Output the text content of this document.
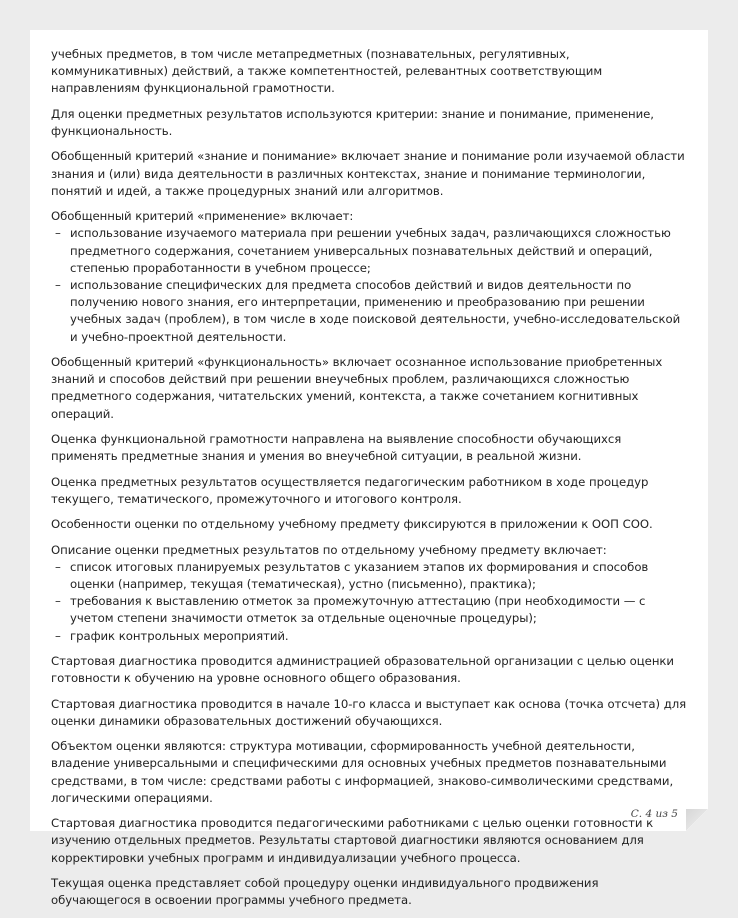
учебных предметов, в том числе метапредметных (познавательных, регулятивных, коммуникативных) действий, а также компетентностей, релевантных соответствующим направлениям функциональной грамотности.

Для оценки предметных результатов используются критерии: знание и понимание, применение, функциональность.

Обобщенный критерий «знание и понимание» включает знание и понимание роли изучаемой области знания и (или) вида деятельности в различных контекстах, знание и понимание терминологии, понятий и идей, а также процедурных знаний или алгоритмов.

Обобщенный критерий «применение» включает:

– использование изучаемого материала при решении учебных задач, различающихся сложностью предметного содержания, сочетанием универсальных познавательных действий и операций, степенью проработанности в учебном процессе;
– использование специфических для предмета способов действий и видов деятельности по получению нового знания, его интерпретации, применению и преобразованию при решении учебных задач (проблем), в том числе в ходе поисковой деятельности, учебно-исследовательской и учебно-проектной деятельности.

Обобщенный критерий «функциональность» включает осознанное использование приобретенных знаний и способов действий при решении внеучебных проблем, различающихся сложностью предметного содержания, читательских умений, контекста, а также сочетанием когнитивных операций.

Оценка функциональной грамотности направлена на выявление способности обучающихся применять предметные знания и умения во внеучебной ситуации, в реальной жизни.

Оценка предметных результатов осуществляется педагогическим работником в ходе процедур текущего, тематического, промежуточного и итогового контроля.

Особенности оценки по отдельному учебному предмету фиксируются в приложении к ООП СОО.

Описание оценки предметных результатов по отдельному учебному предмету включает:

– список итоговых планируемых результатов с указанием этапов их формирования и способов оценки (например, текущая (тематическая), устно (письменно), практика);
– требования к выставлению отметок за промежуточную аттестацию (при необходимости — с учетом степени значимости отметок за отдельные оценочные процедуры);
– график контрольных мероприятий.

Стартовая диагностика проводится администрацией образовательной организации с целью оценки готовности к обучению на уровне основного общего образования.

Стартовая диагностика проводится в начале 10-го класса и выступает как основа (точка отсчета) для оценки динамики образовательных достижений обучающихся.

Объектом оценки являются: структура мотивации, сформированность учебной деятельности, владение универсальными и специфическими для основных учебных предметов познавательными средствами, в том числе: средствами работы с информацией, знаково-символическими средствами, логическими операциями.

Стартовая диагностика проводится педагогическими работниками с целью оценки готовности к изучению отдельных предметов. Результаты стартовой диагностики являются основанием для корректировки учебных программ и индивидуализации учебного процесса.

Текущая оценка представляет собой процедуру оценки индивидуального продвижения обучающегося в освоении программы учебного предмета.

С. 4 из 5
